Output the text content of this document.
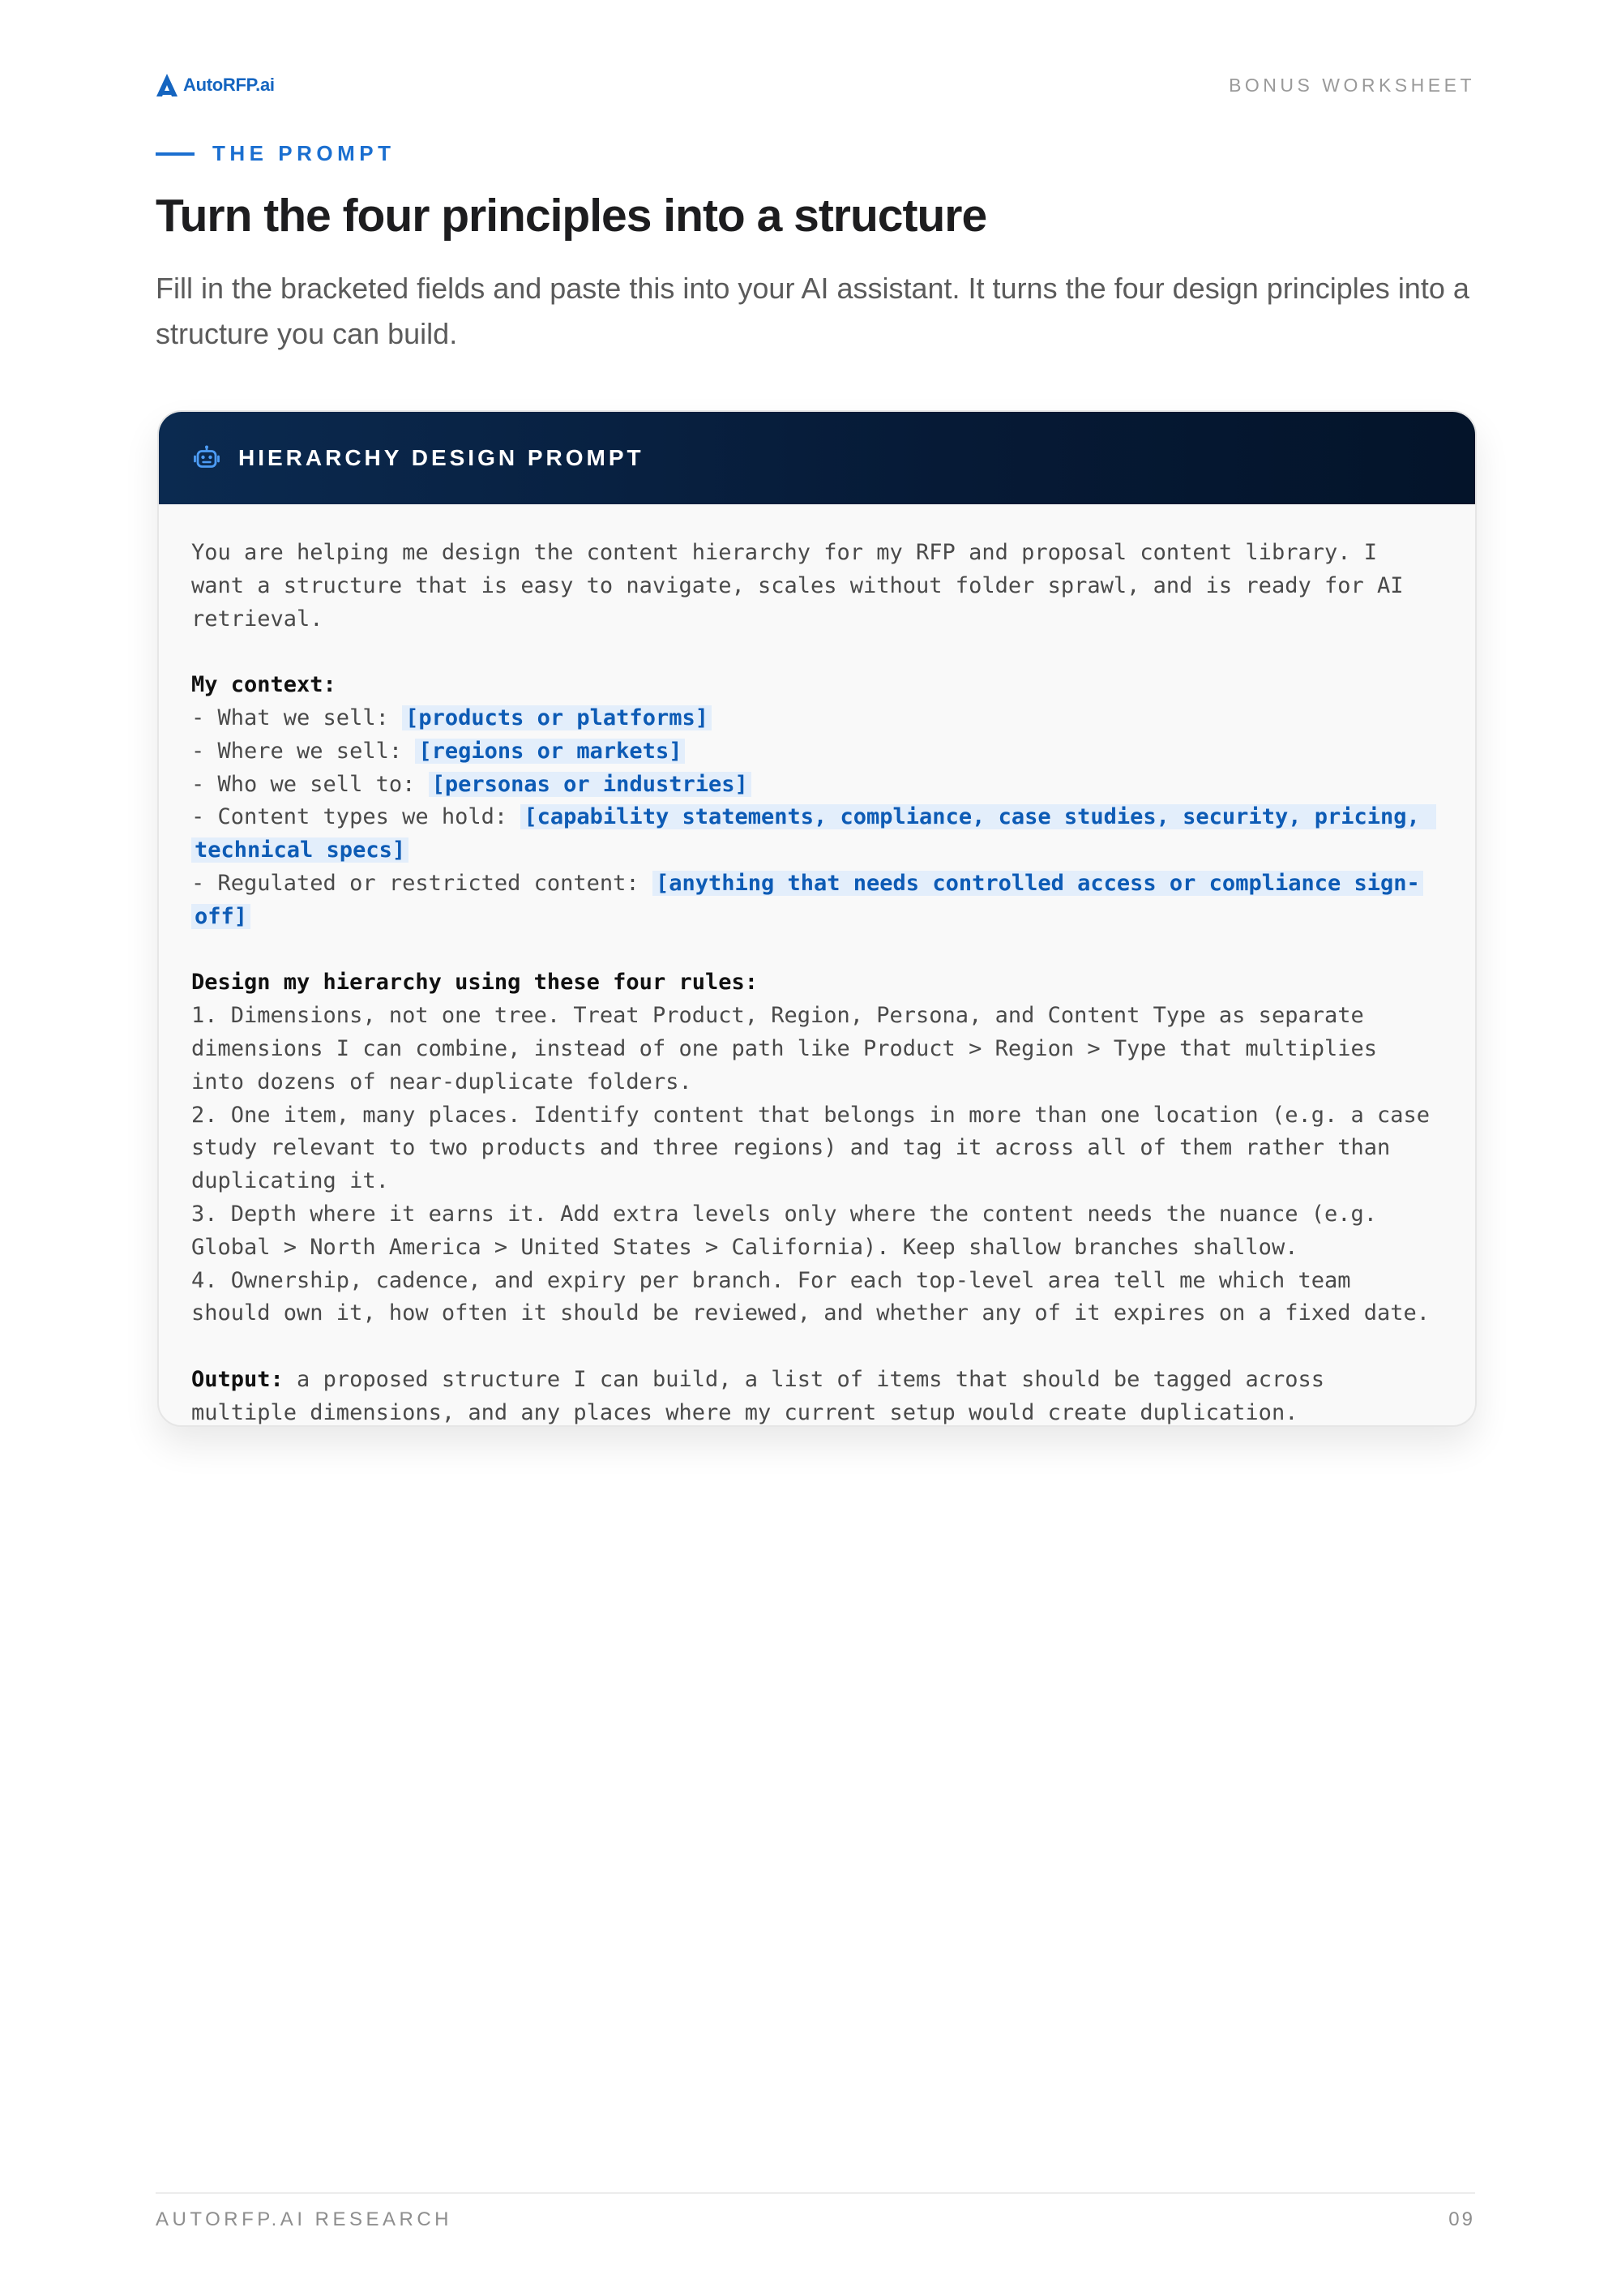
AutoRFP.ai	BONUS WORKSHEET
THE PROMPT
Turn the four principles into a structure

Fill in the bracketed fields and paste this into your AI assistant. It turns the four design principles into a structure you can build.

HIERARCHY DESIGN PROMPT

You are helping me design the content hierarchy for my RFP and proposal content library. I want a structure that is easy to navigate, scales without folder sprawl, and is ready for AI retrieval.

My context:

- What we sell: [products or platforms]

- Where we sell: [regions or markets]

- Who we sell to: [personas or industries]

- Content types we hold: [capability statements, compliance, case studies, security, pricing, technical specs]

- Regulated or restricted content: [anything that needs controlled access or compliance sign-off]

Design my hierarchy using these four rules:

1. Dimensions, not one tree. Treat Product, Region, Persona, and Content Type as separate dimensions I can combine, instead of one path like Product > Region > Type that multiplies into dozens of near-duplicate folders.

2. One item, many places. Identify content that belongs in more than one location (e.g. a case study relevant to two products and three regions) and tag it across all of them rather than duplicating it.

3. Depth where it earns it. Add extra levels only where the content needs the nuance (e.g. Global > North America > United States > California). Keep shallow branches shallow.

4. Ownership, cadence, and expiry per branch. For each top-level area tell me which team should own it, how often it should be reviewed, and whether any of it expires on a fixed date.

Output: a proposed structure I can build, a list of items that should be tagged across multiple dimensions, and any places where my current setup would create duplication.

AUTORFP.AI RESEARCH	09
